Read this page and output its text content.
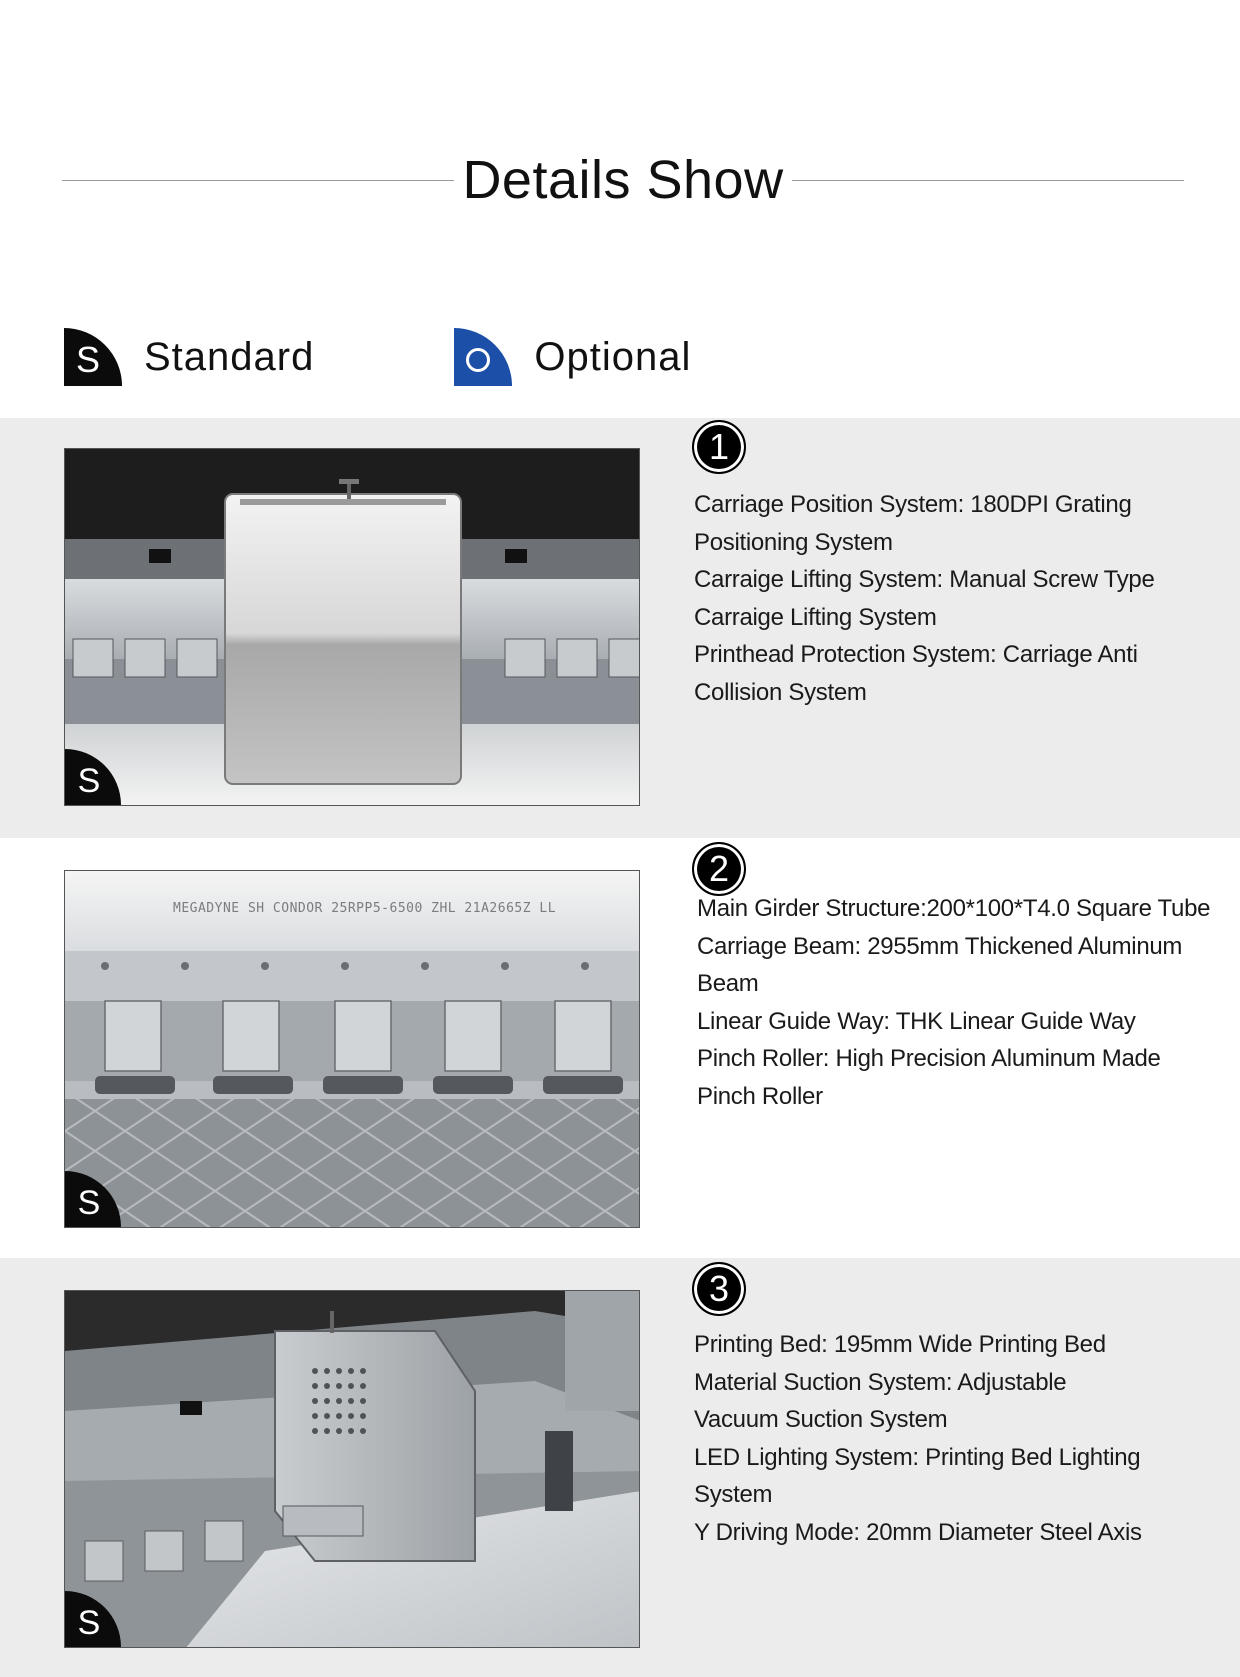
Details Show
S	Standard	Optional
S
1
Carriage Position System: 180DPI Grating
Positioning System
Carraige Lifting System: Manual Screw Type
Carraige Lifting System
Printhead Protection System: Carriage Anti
Collision System
MEGADYNE SH CONDOR 25RPP5-6500 ZHL 21A2665Z LL
S
2
Main Girder Structure:200*100*T4.0 Square Tube
Carriage Beam: 2955mm Thickened Aluminum
Beam
Linear Guide Way: THK Linear Guide Way
Pinch Roller: High Precision Aluminum Made
Pinch Roller
S
3
Printing Bed: 195mm Wide Printing Bed
Material Suction System: Adjustable
Vacuum Suction System
LED Lighting System: Printing Bed Lighting
System
Y Driving Mode: 20mm Diameter Steel Axis
